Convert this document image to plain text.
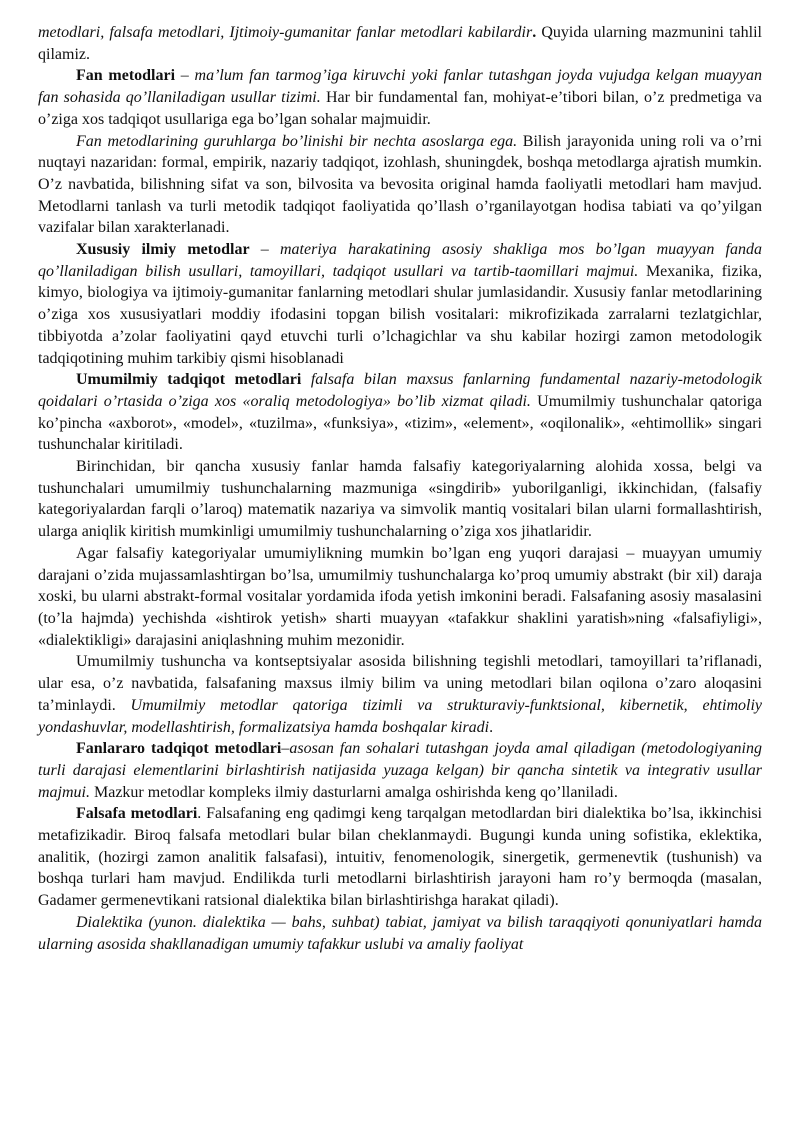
metodlari, falsafa metodlari, Ijtimoiy-gumanitar fanlar metodlari kabilardir. Quyida ularning mazmunini tahlil qilamiz.

Fan metodlari – ma’lum fan tarmog’iga kiruvchi yoki fanlar tutashgan joyda vujudga kelgan muayyan fan sohasida qo’llaniladigan usullar tizimi. Har bir fundamental fan, mohiyat-e’tibori bilan, o’z predmetiga va o’ziga xos tadqiqot usullariga ega bo’lgan sohalar majmuidir.

Fan metodlarining guruhlarga bo’linishi bir nechta asoslarga ega. Bilish jarayonida uning roli va o’rni nuqtayi nazaridan: formal, empirik, nazariy tadqiqot, izohlash, shuningdek, boshqa metodlarga ajratish mumkin. O’z navbatida, bilishning sifat va son, bilvosita va bevosita original hamda faoliyatli metodlari ham mavjud. Metodlarni tanlash va turli metodik tadqiqot faoliyatida qo’llash o’rganilayotgan hodisa tabiati va qo’yilgan vazifalar bilan xarakterlanadi.

Xususiy ilmiy metodlar – materiya harakatining asosiy shakliga mos bo’lgan muayyan fanda qo’llaniladigan bilish usullari, tamoyillari, tadqiqot usullari va tartib-taomillari majmui. Mexanika, fizika, kimyo, biologiya va ijtimoiy-gumanitar fanlarning metodlari shular jumlasidandir. Xususiy fanlar metodlarining o’ziga xos xususiyatlari moddiy ifodasini topgan bilish vositalari: mikrofizikada zarralarni tezlatgichlar, tibbiyotda a’zolar faoliyatini qayd etuvchi turli o’lchagichlar va shu kabilar hozirgi zamon metodologik tadqiqotining muhim tarkibiy qismi hisoblanadi

Umumilmiy tadqiqot metodlari falsafa bilan maxsus fanlarning fundamental nazariy-metodologik qoidalari o’rtasida o’ziga xos «oraliq metodologiya» bo’lib xizmat qiladi. Umumilmiy tushunchalar qatoriga ko’pincha «axborot», «model», «tuzilma», «funksiya», «tizim», «element», «oqilonalik», «ehtimollik» singari tushunchalar kiritiladi.

Birinchidan, bir qancha xususiy fanlar hamda falsafiy kategoriyalarning alohida xossa, belgi va tushunchalari umumilmiy tushunchalarning mazmuniga «singdirib» yuborilganligi, ikkinchidan, (falsafiy kategoriyalardan farqli o’laroq) matematik nazariya va simvolik mantiq vositalari bilan ularni formallashtirish, ularga aniqlik kiritish mumkinligi umumilmiy tushunchalarning o’ziga xos jihatlaridir.

Agar falsafiy kategoriyalar umumiylikning mumkin bo’lgan eng yuqori darajasi – muayyan umumiy darajani o’zida mujassamlashtirgan bo’lsa, umumilmiy tushunchalarga ko’proq umumiy abstrakt (bir xil) daraja xoski, bu ularni abstrakt-formal vositalar yordamida ifoda yetish imkonini beradi. Falsafaning asosiy masalasini (to’la hajmda) yechishda «ishtirok yetish» sharti muayyan «tafakkur shaklini yaratish»ning «falsafiyligi», «dialektikligi» darajasini aniqlashning muhim mezonidir.

Umumilmiy tushuncha va kontseptsiyalar asosida bilishning tegishli metodlari, tamoyillari ta’riflanadi, ular esa, o’z navbatida, falsafaning maxsus ilmiy bilim va uning metodlari bilan oqilona o’zaro aloqasini ta’minlaydi. Umumilmiy metodlar qatoriga tizimli va strukturaviy-funktsional, kibernetik, ehtimoliy yondashuvlar, modellashtirish, formalizatsiya hamda boshqalar kiradi.

Fanlararo tadqiqot metodlari–asosan fan sohalari tutashgan joyda amal qiladigan (metodologiyaning turli darajasi elementlarini birlashtirish natijasida yuzaga kelgan) bir qancha sintetik va integrativ usullar majmui. Mazkur metodlar kompleks ilmiy dasturlarni amalga oshirishda keng qo’llaniladi.

Falsafa metodlari. Falsafaning eng qadimgi keng tarqalgan metodlardan biri dialektika bo’lsa, ikkinchisi metafizikadir. Biroq falsafa metodlari bular bilan cheklanmaydi. Bugungi kunda uning sofistika, eklektika, analitik, (hozirgi zamon analitik falsafasi), intuitiv, fenomenologik, sinergetik, germenevtik (tushunish) va boshqa turlari ham mavjud. Endilikda turli metodlarni birlashtirish jarayoni ham ro’y bermoqda (masalan, Gadamer germenevtikani ratsional dialektika bilan birlashtirishga harakat qiladi).

Dialektika (yunon. dialektika — bahs, suhbat) tabiat, jamiyat va bilish taraqqiyoti qonuniyatlari hamda ularning asosida shakllanadigan umumiy tafakkur uslubi va amaliy faoliyat
